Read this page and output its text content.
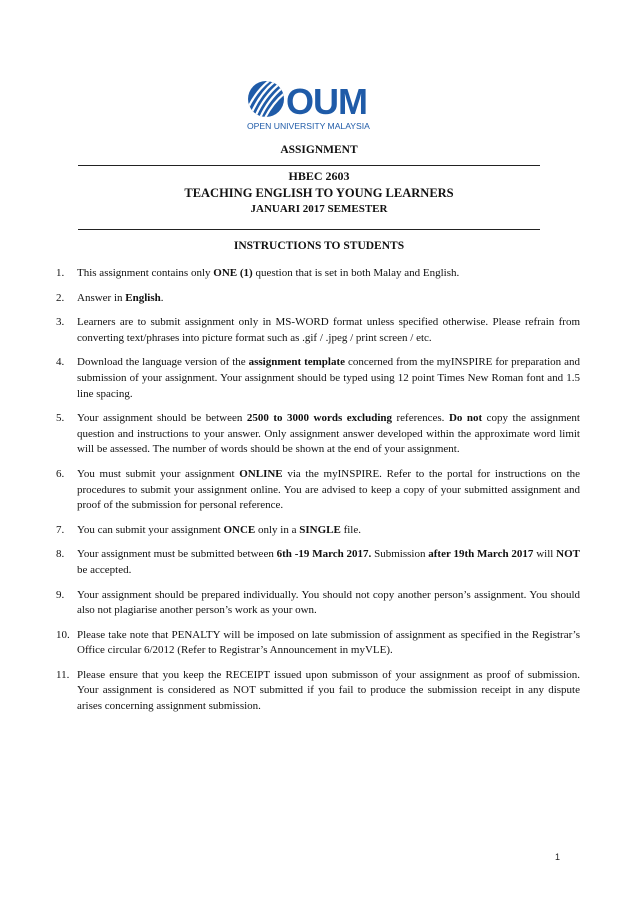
OUM
OPEN UNIVERSITY MALAYSIA
ASSIGNMENT
HBEC 2603
TEACHING ENGLISH TO YOUNG LEARNERS
JANUARI 2017 SEMESTER
INSTRUCTIONS TO STUDENTS
1. This assignment contains only ONE (1) question that is set in both Malay and English.
2. Answer in English.
3. Learners are to submit assignment only in MS-WORD format unless specified otherwise. Please refrain from converting text/phrases into picture format such as .gif / .jpeg / print screen / etc.
4. Download the language version of the assignment template concerned from the myINSPIRE for preparation and submission of your assignment. Your assignment should be typed using 12 point Times New Roman font and 1.5 line spacing.
5. Your assignment should be between 2500 to 3000 words excluding references. Do not copy the assignment question and instructions to your answer. Only assignment answer developed within the approximate word limit will be assessed. The number of words should be shown at the end of your assignment.
6. You must submit your assignment ONLINE via the myINSPIRE. Refer to the portal for instructions on the procedures to submit your assignment online. You are advised to keep a copy of your submitted assignment and proof of the submission for personal reference.
7. You can submit your assignment ONCE only in a SINGLE file.
8. Your assignment must be submitted between 6th -19 March 2017. Submission after 19th March 2017 will NOT be accepted.
9. Your assignment should be prepared individually. You should not copy another person’s assignment. You should also not plagiarise another person’s work as your own.
10. Please take note that PENALTY will be imposed on late submission of assignment as specified in the Registrar’s Office circular 6/2012 (Refer to Registrar’s Announcement in myVLE).
11. Please ensure that you keep the RECEIPT issued upon submisson of your assignment as proof of submission. Your assignment is considered as NOT submitted if you fail to produce the submission receipt in any dispute arises concerning assignment submission.
1
